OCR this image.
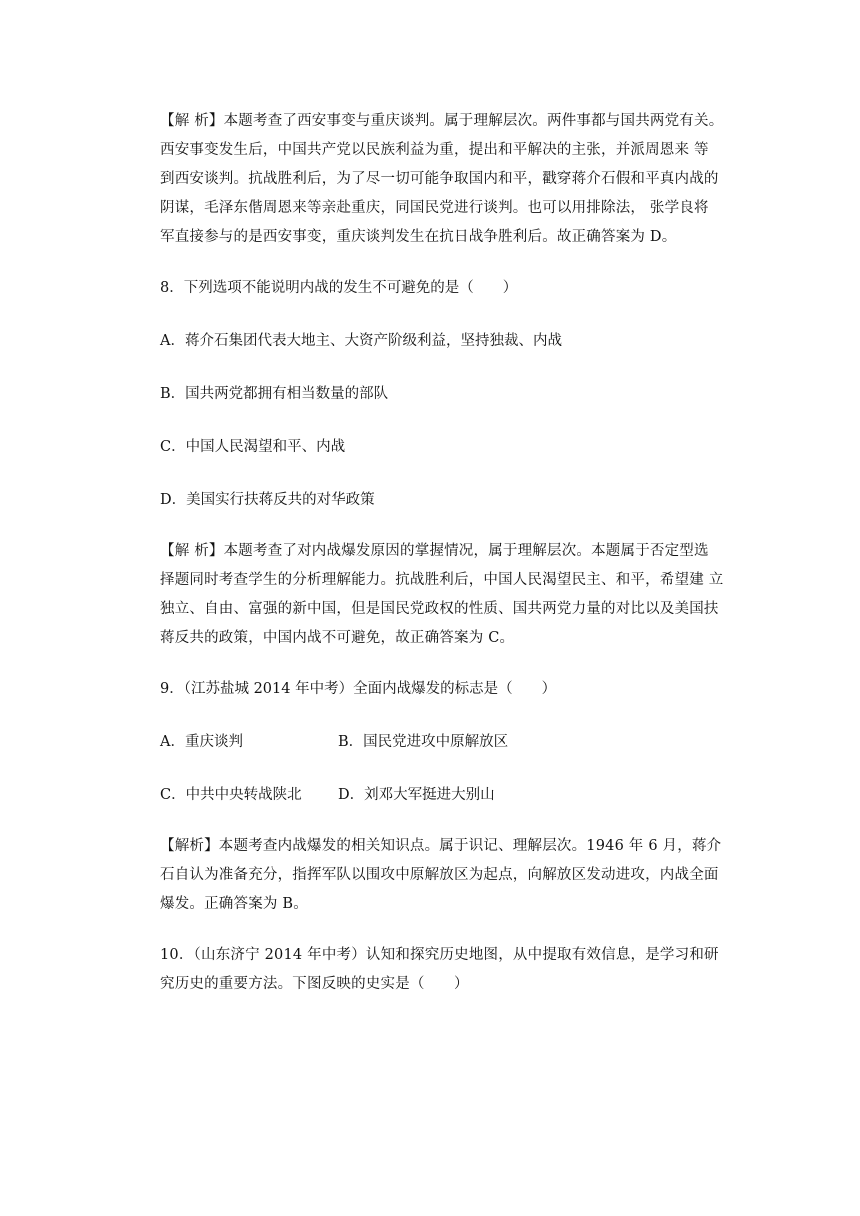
【解 析】本题考查了西安事变与重庆谈判。属于理解层次。两件事都与国共两党有关。
西安事变发生后，中国共产党以民族利益为重，提出和平解决的主张，并派周恩来 等
到西安谈判。抗战胜利后，为了尽一切可能争取国内和平，戳穿蒋介石假和平真内战的
阴谋，毛泽东偕周恩来等亲赴重庆，同国民党进行谈判。也可以用排除法， 张学良将
军直接参与的是西安事变，重庆谈判发生在抗日战争胜利后。故正确答案为 D。

8．下列选项不能说明内战的发生不可避免的是（　　）

A．蒋介石集团代表大地主、大资产阶级利益，坚持独裁、内战

B．国共两党都拥有相当数量的部队

C．中国人民渴望和平、内战

D．美国实行扶蒋反共的对华政策

【解 析】本题考查了对内战爆发原因的掌握情况，属于理解层次。本题属于否定型选
择题同时考查学生的分析理解能力。抗战胜利后，中国人民渴望民主、和平，希望建 立
独立、自由、富强的新中国，但是国民党政权的性质、国共两党力量的对比以及美国扶
蒋反共的政策，中国内战不可避免，故正确答案为 C。

9．（江苏盐城 2014 年中考）全面内战爆发的标志是（　　）

A．重庆谈判	B．国民党进攻中原解放区
C．中共中央转战陕北	D．刘邓大军挺进大别山
【解析】本题考查内战爆发的相关知识点。属于识记、理解层次。1946 年 6 月，蒋介
石自认为准备充分，指挥军队以围攻中原解放区为起点，向解放区发动进攻，内战全面
爆发。正确答案为 B。
10．（山东济宁 2014 年中考）认知和探究历史地图，从中提取有效信息，是学习和研
究历史的重要方法。下图反映的史实是（　　）
